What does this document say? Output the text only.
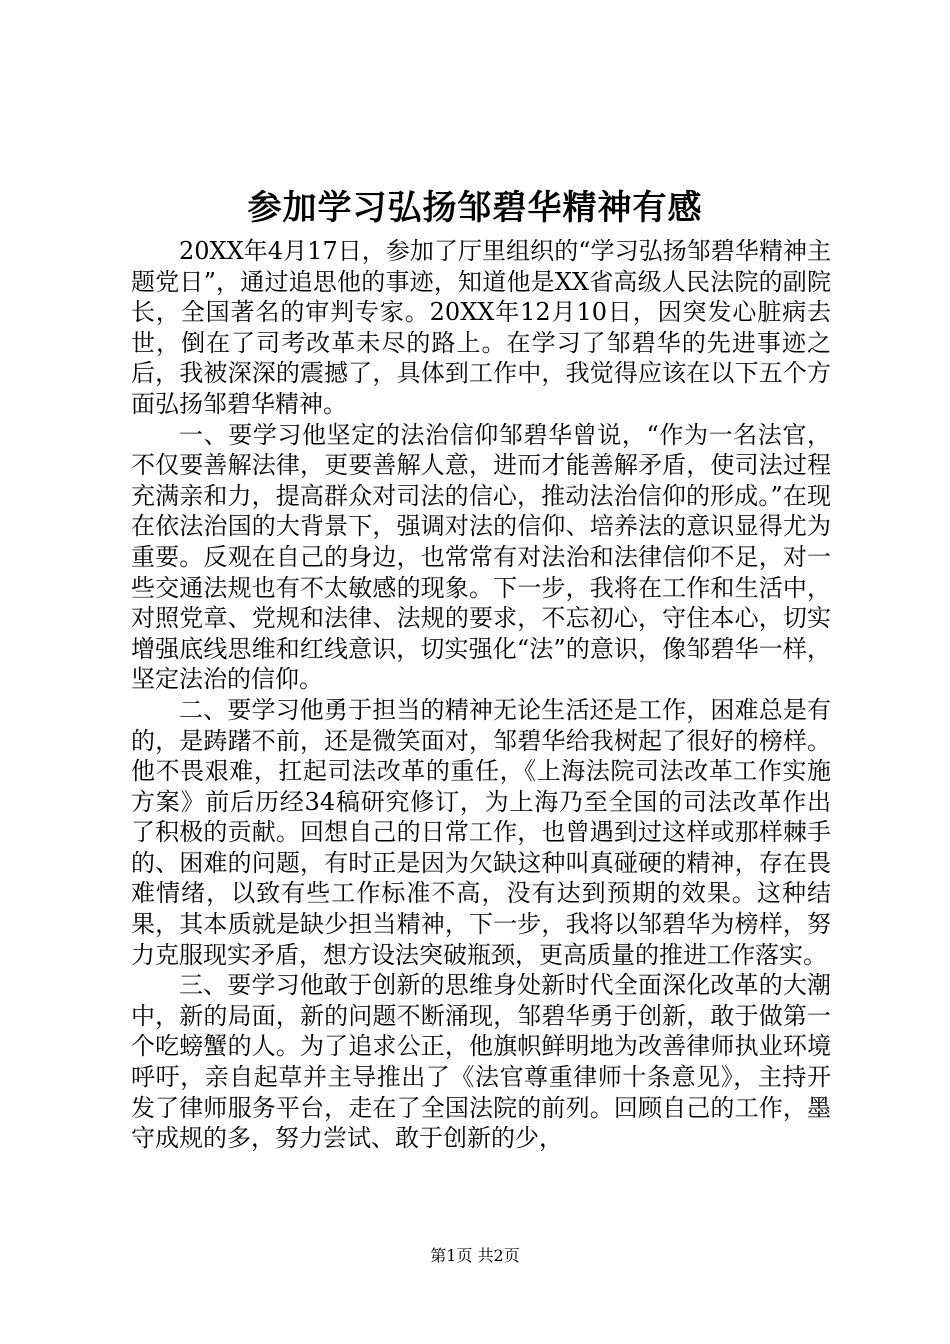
参加学习弘扬邹碧华精神有感

20XX年4月17日，参加了厅里组织的“学习弘扬邹碧华精神主题党日”，通过追思他的事迹，知道他是XX省高级人民法院的副院长，全国著名的审判专家。20XX年12月10日，因突发心脏病去世，倒在了司考改革未尽的路上。在学习了邹碧华的先进事迹之后，我被深深的震撼了，具体到工作中，我觉得应该在以下五个方面弘扬邹碧华精神。

一、要学习他坚定的法治信仰邹碧华曾说，“作为一名法官，不仅要善解法律，更要善解人意，进而才能善解矛盾，使司法过程充满亲和力，提高群众对司法的信心，推动法治信仰的形成。”在现在依法治国的大背景下，强调对法的信仰、培养法的意识显得尤为重要。反观在自己的身边，也常常有对法治和法律信仰不足，对一些交通法规也有不太敏感的现象。下一步，我将在工作和生活中，对照党章、党规和法律、法规的要求，不忘初心，守住本心，切实增强底线思维和红线意识，切实强化“法”的意识，像邹碧华一样，坚定法治的信仰。

二、要学习他勇于担当的精神无论生活还是工作，困难总是有的，是踌躇不前，还是微笑面对，邹碧华给我树起了很好的榜样。他不畏艰难，扛起司法改革的重任，《上海法院司法改革工作实施方案》前后历经34稿研究修订，为上海乃至全国的司法改革作出了积极的贡献。回想自己的日常工作，也曾遇到过这样或那样棘手的、困难的问题，有时正是因为欠缺这种叫真碰硬的精神，存在畏难情绪，以致有些工作标准不高，没有达到预期的效果。这种结果，其本质就是缺少担当精神，下一步，我将以邹碧华为榜样，努力克服现实矛盾，想方设法突破瓶颈，更高质量的推进工作落实。

三、要学习他敢于创新的思维身处新时代全面深化改革的大潮中，新的局面，新的问题不断涌现，邹碧华勇于创新，敢于做第一个吃螃蟹的人。为了追求公正，他旗帜鲜明地为改善律师执业环境呼吁，亲自起草并主导推出了《法官尊重律师十条意见》，主持开发了律师服务平台，走在了全国法院的前列。回顾自己的工作，墨守成规的多，努力尝试、敢于创新的少，

第1页 共2页
